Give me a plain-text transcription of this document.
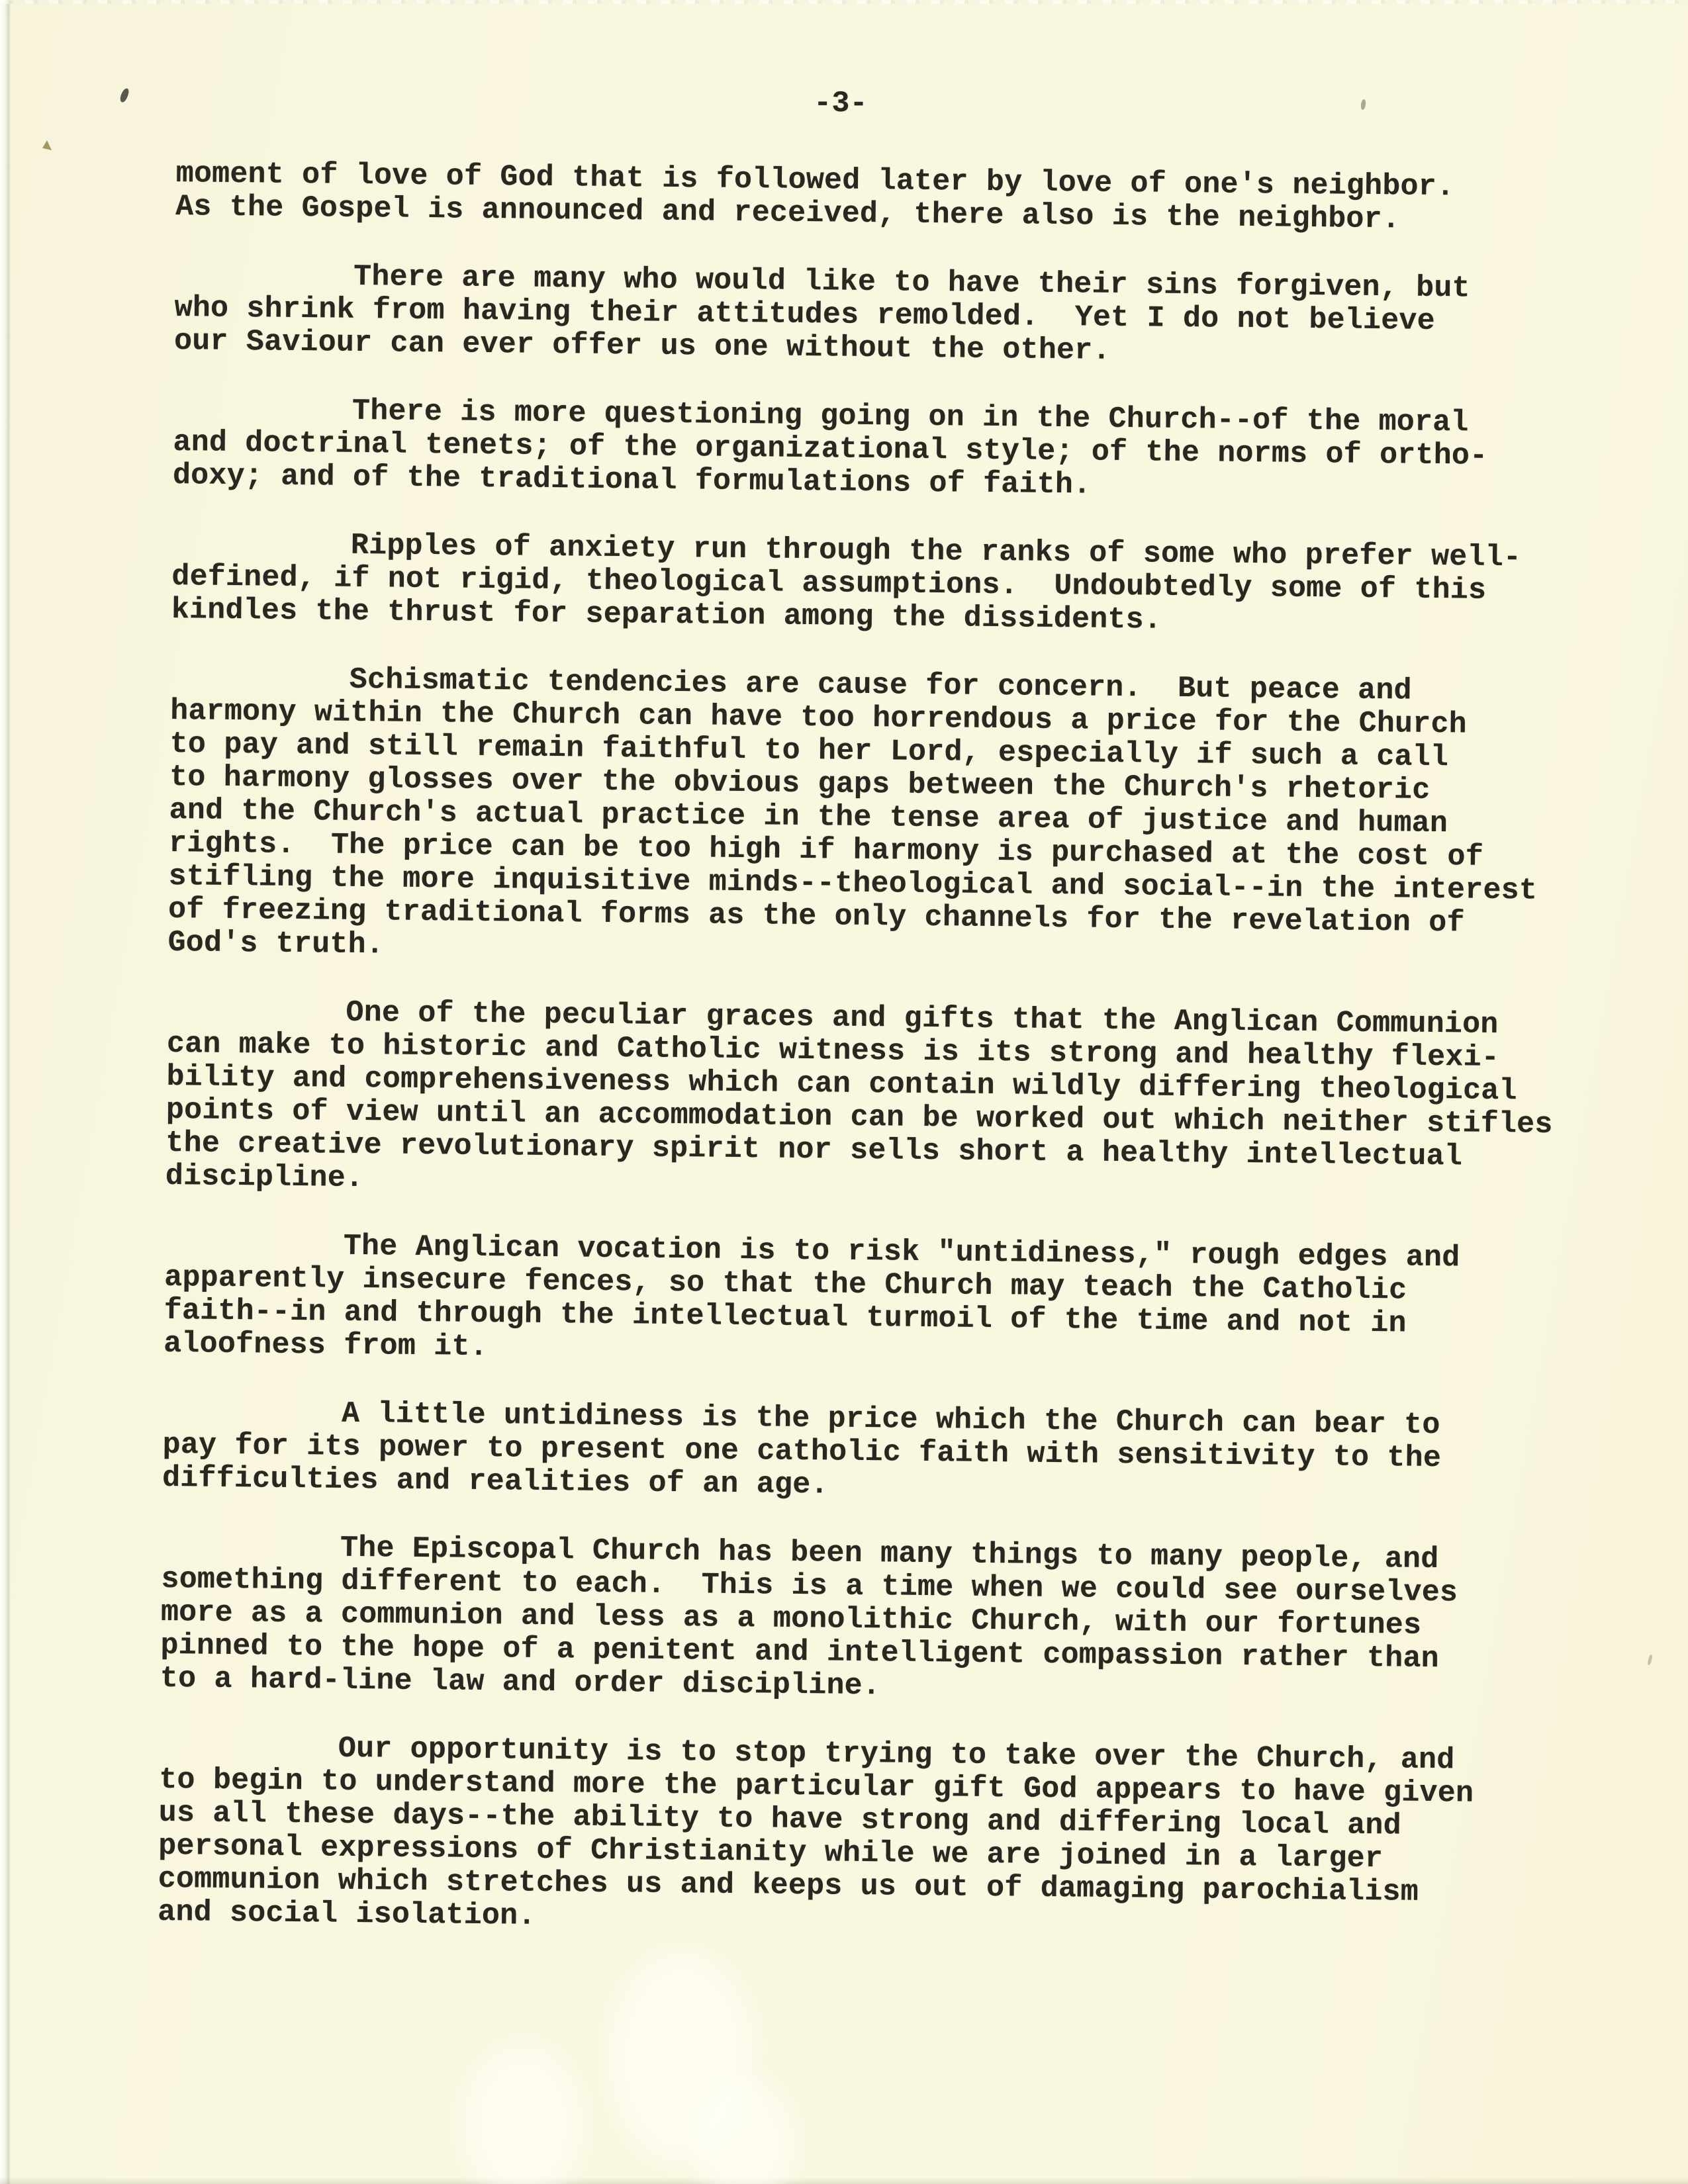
-3-

moment of love of God that is followed later by love of one's neighbor.
As the Gospel is announced and received, there also is the neighbor.

There are many who would like to have their sins forgiven, but
who shrink from having their attitudes remolded.  Yet I do not believe
our Saviour can ever offer us one without the other.

There is more questioning going on in the Church--of the moral
and doctrinal tenets; of the organizational style; of the norms of ortho-
doxy; and of the traditional formulations of faith.

Ripples of anxiety run through the ranks of some who prefer well-
defined, if not rigid, theological assumptions.  Undoubtedly some of this
kindles the thrust for separation among the dissidents.

Schismatic tendencies are cause for concern.  But peace and
harmony within the Church can have too horrendous a price for the Church
to pay and still remain faithful to her Lord, especially if such a call
to harmony glosses over the obvious gaps between the Church's rhetoric
and the Church's actual practice in the tense area of justice and human
rights.  The price can be too high if harmony is purchased at the cost of
stifling the more inquisitive minds--theological and social--in the interest
of freezing traditional forms as the only channels for the revelation of
God's truth.

One of the peculiar graces and gifts that the Anglican Communion
can make to historic and Catholic witness is its strong and healthy flexi-
bility and comprehensiveness which can contain wildly differing theological
points of view until an accommodation can be worked out which neither stifles
the creative revolutionary spirit nor sells short a healthy intellectual
discipline.

The Anglican vocation is to risk "untidiness," rough edges and
apparently insecure fences, so that the Church may teach the Catholic
faith--in and through the intellectual turmoil of the time and not in
aloofness from it.

A little untidiness is the price which the Church can bear to
pay for its power to present one catholic faith with sensitivity to the
difficulties and realities of an age.

The Episcopal Church has been many things to many people, and
something different to each.  This is a time when we could see ourselves
more as a communion and less as a monolithic Church, with our fortunes
pinned to the hope of a penitent and intelligent compassion rather than
to a hard-line law and order discipline.

Our opportunity is to stop trying to take over the Church, and
to begin to understand more the particular gift God appears to have given
us all these days--the ability to have strong and differing local and
personal expressions of Christianity while we are joined in a larger
communion which stretches us and keeps us out of damaging parochialism
and social isolation.
